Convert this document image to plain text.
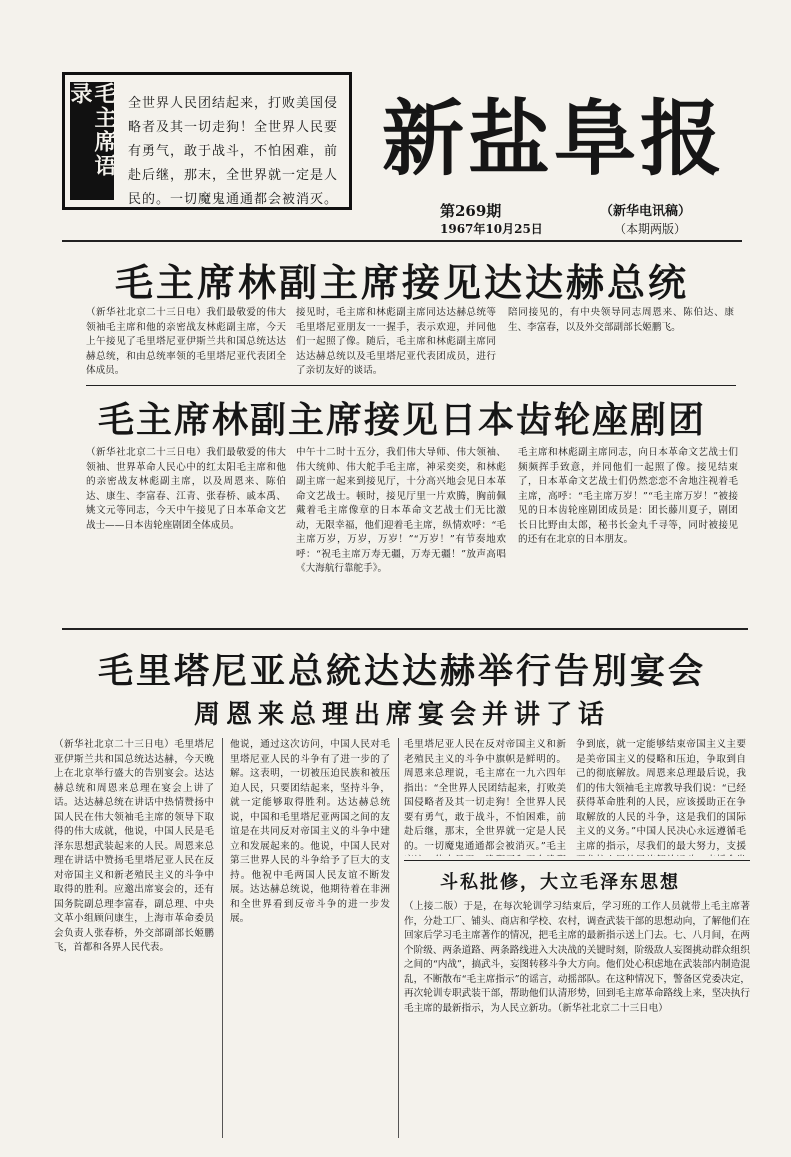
毛主席语录	全世界人民团结起来，打败美国侵略者及其一切走狗！全世界人民要有勇气，敢于战斗，不怕困难，前赴后继，那末，全世界就一定是人民的。一切魔鬼通通都会被消灭。
新盐阜报
第269期	（新华电讯稿）
1967年10月25日	（本期两版）
毛主席林副主席接见达达赫总统
（新华社北京二十三日电）我们最敬爱的伟大领袖毛主席和他的亲密战友林彪副主席，今天上午接见了毛里塔尼亚伊斯兰共和国总统达达赫总统，和由总统率领的毛里塔尼亚代表团全体成员。
接见时，毛主席和林彪副主席同达达赫总统等毛里塔尼亚朋友一一握手，表示欢迎，并同他们一起照了像。随后，毛主席和林彪副主席同达达赫总统以及毛里塔尼亚代表团成员，进行了亲切友好的谈话。
陪同接见的，有中央领导同志周恩来、陈伯达、康生、李富春，以及外交部副部长姬鹏飞。
毛主席林副主席接见日本齿轮座剧团
（新华社北京二十三日电）我们最敬爱的伟大领袖、世界革命人民心中的红太阳毛主席和他的亲密战友林彪副主席，以及周恩来、陈伯达、康生、李富春、江青、张春桥、戚本禹、姚文元等同志，今天中午接见了日本革命文艺战士——日本齿轮座剧团全体成员。
中午十二时十五分，我们伟大导师、伟大领袖、伟大统帅、伟大舵手毛主席，神采奕奕，和林彪副主席一起来到接见厅，十分高兴地会见日本革命文艺战士。顿时，接见厅里一片欢腾，胸前佩戴着毛主席像章的日本革命文艺战士们无比激动，无限幸福，他们迎着毛主席，纵情欢呼：“毛主席万岁，万岁，万岁！”“万岁！”有节奏地欢呼：“祝毛主席万寿无疆，万寿无疆！”放声高唱《大海航行靠舵手》。
毛主席和林彪副主席同志，向日本革命文艺战士们频频挥手致意，并同他们一起照了像。接见结束了，日本革命文艺战士们仍然恋恋不舍地注视着毛主席，高呼：“毛主席万岁！”“毛主席万岁！”被接见的日本齿轮座剧团成员是：团长藤川夏子，剧团长日比野由太郎，秘书长金丸千寻等，同时被接见的还有在北京的日本朋友。
毛里塔尼亚总統达达赫举行告別宴会
周恩来总理出席宴会并讲了话
（新华社北京二十三日电）毛里塔尼亚伊斯兰共和国总统达达赫，今天晚上在北京举行盛大的告别宴会。达达赫总统和周恩来总理在宴会上讲了话。达达赫总统在讲话中热情赞扬中国人民在伟大领袖毛主席的领导下取得的伟大成就，他说，中国人民是毛泽东思想武装起来的人民。周恩来总理在讲话中赞扬毛里塔尼亚人民在反对帝国主义和新老殖民主义的斗争中取得的胜利。应邀出席宴会的，还有国务院副总理李富春，副总理、中央文革小组顾问康生，上海市革命委员会负责人张春桥，外交部副部长姬鹏飞，首都和各界人民代表。
他说，通过这次访问，中国人民对毛里塔尼亚人民的斗争有了进一步的了解。这表明，一切被压迫民族和被压迫人民，只要团结起来，坚持斗争，就一定能够取得胜利。达达赫总统说，中国和毛里塔尼亚两国之间的友谊是在共同反对帝国主义的斗争中建立和发展起来的。他说，中国人民对第三世界人民的斗争给予了巨大的支持。他祝中毛两国人民友谊不断发展。达达赫总统说，他期待着在非洲和全世界看到反帝斗争的进一步发展。
毛里塔尼亚人民在反对帝国主义和新老殖民主义的斗争中旗帜是鲜明的。周恩来总理说，毛主席在一九六四年指出：“全世界人民团结起来，打败美国侵略者及其一切走狗！全世界人民要有勇气，敢于战斗，不怕困难，前赴后继，那末，全世界就一定是人民的。一切魔鬼通通都会被消灭。”毛主
争到底，就一定能够结束帝国主义主要是美帝国主义的侵略和压迫，争取到自己的彻底解放。周恩来总理最后说，我们的伟大领袖毛主席教导我们说：“已经获得革命胜利的人民，应该援助正在争取解放的人民的斗争，这是我们的国际主义的义务。”中国人民决心永远遵循毛主席的指示，尽我们的最大努力，支援
斗私批修，大立毛泽东思想
（上接二版）于是，在每次轮训学习结束后，学习班的工作人员就带上毛主席著作，分赴工厂、铺头、商店和学校、农村，调查武装干部的思想动向，了解他们在回家后学习毛主席著作的情况，把毛主席的最新指示送上门去。七、八月间，在两个阶级、两条道路、两条路线进入大决战的关键时刻，阶级敌人妄图挑动群众组织之间的“内战”，搞武斗，妄图转移斗争大方向。他们处心积虑地在武装部内制造混乱，不断散布“毛主席指示”的谣言，动摇部队。在这种情况下，警备区党委决定，再次轮训专职武装干部，帮助他们认清形势，回到毛主席革命路线上来，坚决执行毛主席的最新指示，为人民立新功。（新华社北京二十三日电）
